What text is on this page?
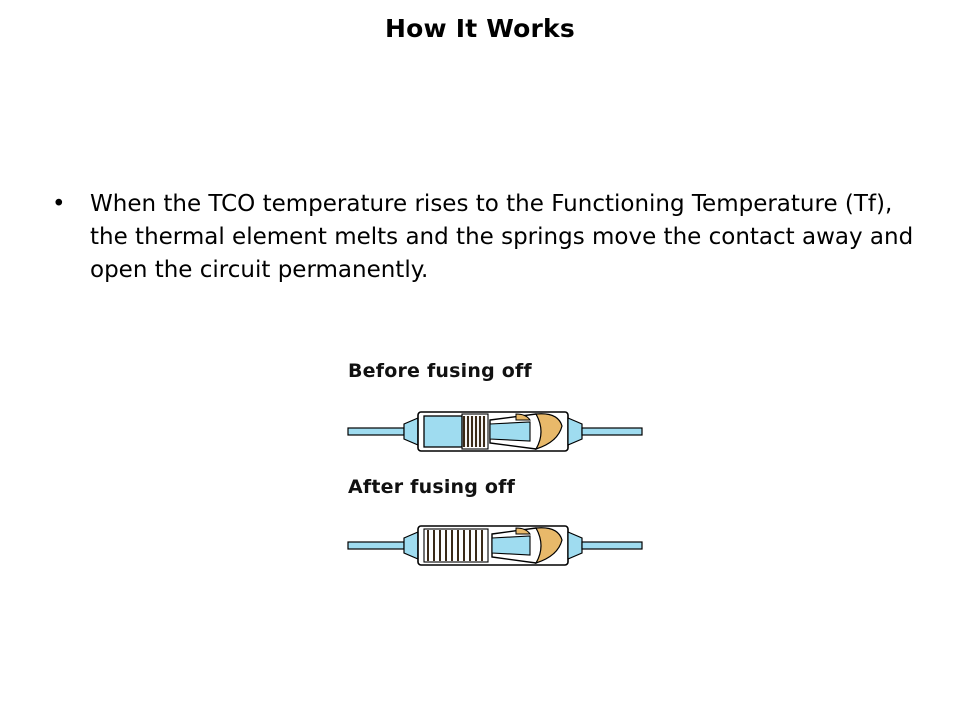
How It Works
•	When the TCO temperature rises to the Functioning Temperature (Tf), the thermal element melts and the springs move the contact away and open the circuit permanently.
Before fusing off
After fusing off
